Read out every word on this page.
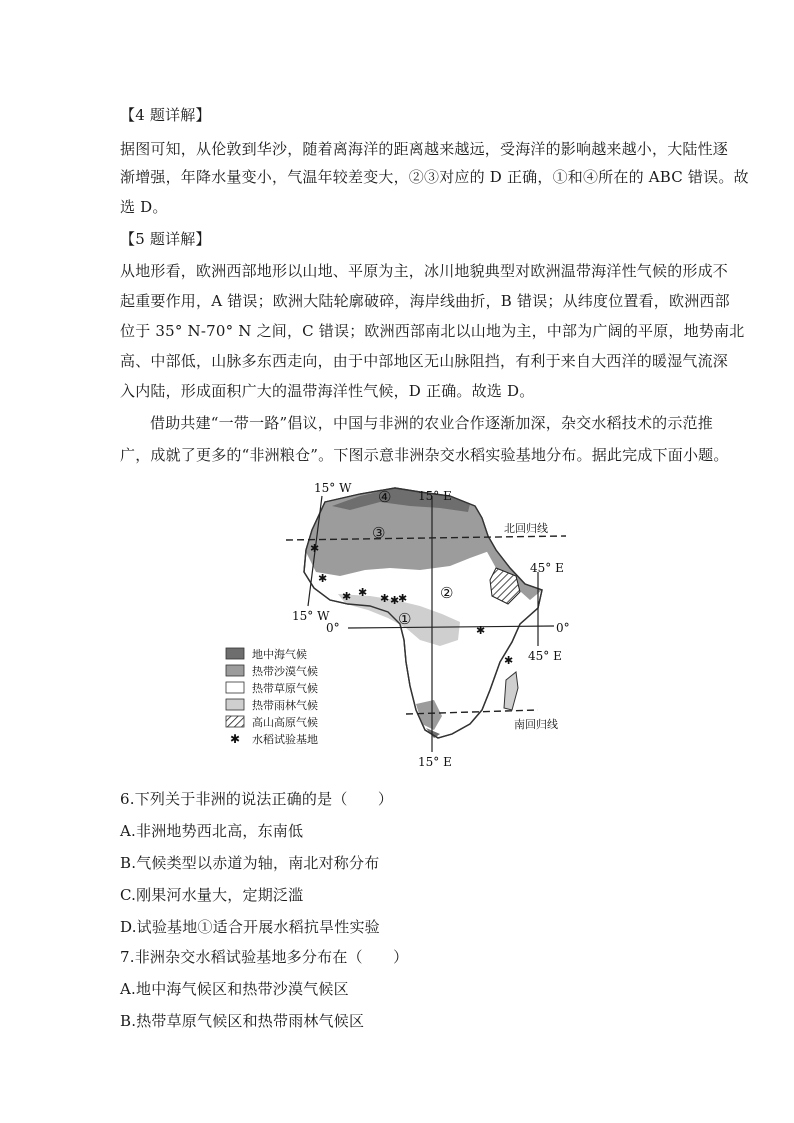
【4 题详解】
据图可知，从伦敦到华沙，随着离海洋的距离越来越远，受海洋的影响越来越小，大陆性逐
渐增强，年降水量变小，气温年较差变大，②③对应的 D 正确，①和④所在的 ABC 错误。故
选 D。
【5 题详解】
从地形看，欧洲西部地形以山地、平原为主，冰川地貌典型对欧洲温带海洋性气候的形成不
起重要作用，A 错误；欧洲大陆轮廓破碎，海岸线曲折，B 错误；从纬度位置看，欧洲西部
位于 35° N-70° N 之间，C 错误；欧洲西部南北以山地为主，中部为广阔的平原，地势南北
高、中部低，山脉多东西走向，由于中部地区无山脉阻挡，有利于来自大西洋的暖湿气流深
入内陆，形成面积广大的温带海洋性气候，D 正确。故选 D。
借助共建“一带一路”倡议，中国与非洲的农业合作逐渐加深，杂交水稻技术的示范推
广，成就了更多的“非洲粮仓”。下图示意非洲杂交水稻实验基地分布。据此完成下面小题。
✱
✱
✱ ✱ ✱ ✱
✱
✱
✱
15° W
15° W
15° E
15° E
45° E
45° E
0°	0°
北回归线
南回归线
①
②
③
④
地中海气候
热带沙漠气候
热带草原气候
热带雨林气候
高山高原气候
✱ 水稻试验基地
6.下列关于非洲的说法正确的是（　　）
A.非洲地势西北高，东南低
B.气候类型以赤道为轴，南北对称分布
C.刚果河水量大，定期泛滥
D.试验基地①适合开展水稻抗旱性实验
7.非洲杂交水稻试验基地多分布在（　　）
A.地中海气候区和热带沙漠气候区
B.热带草原气候区和热带雨林气候区
